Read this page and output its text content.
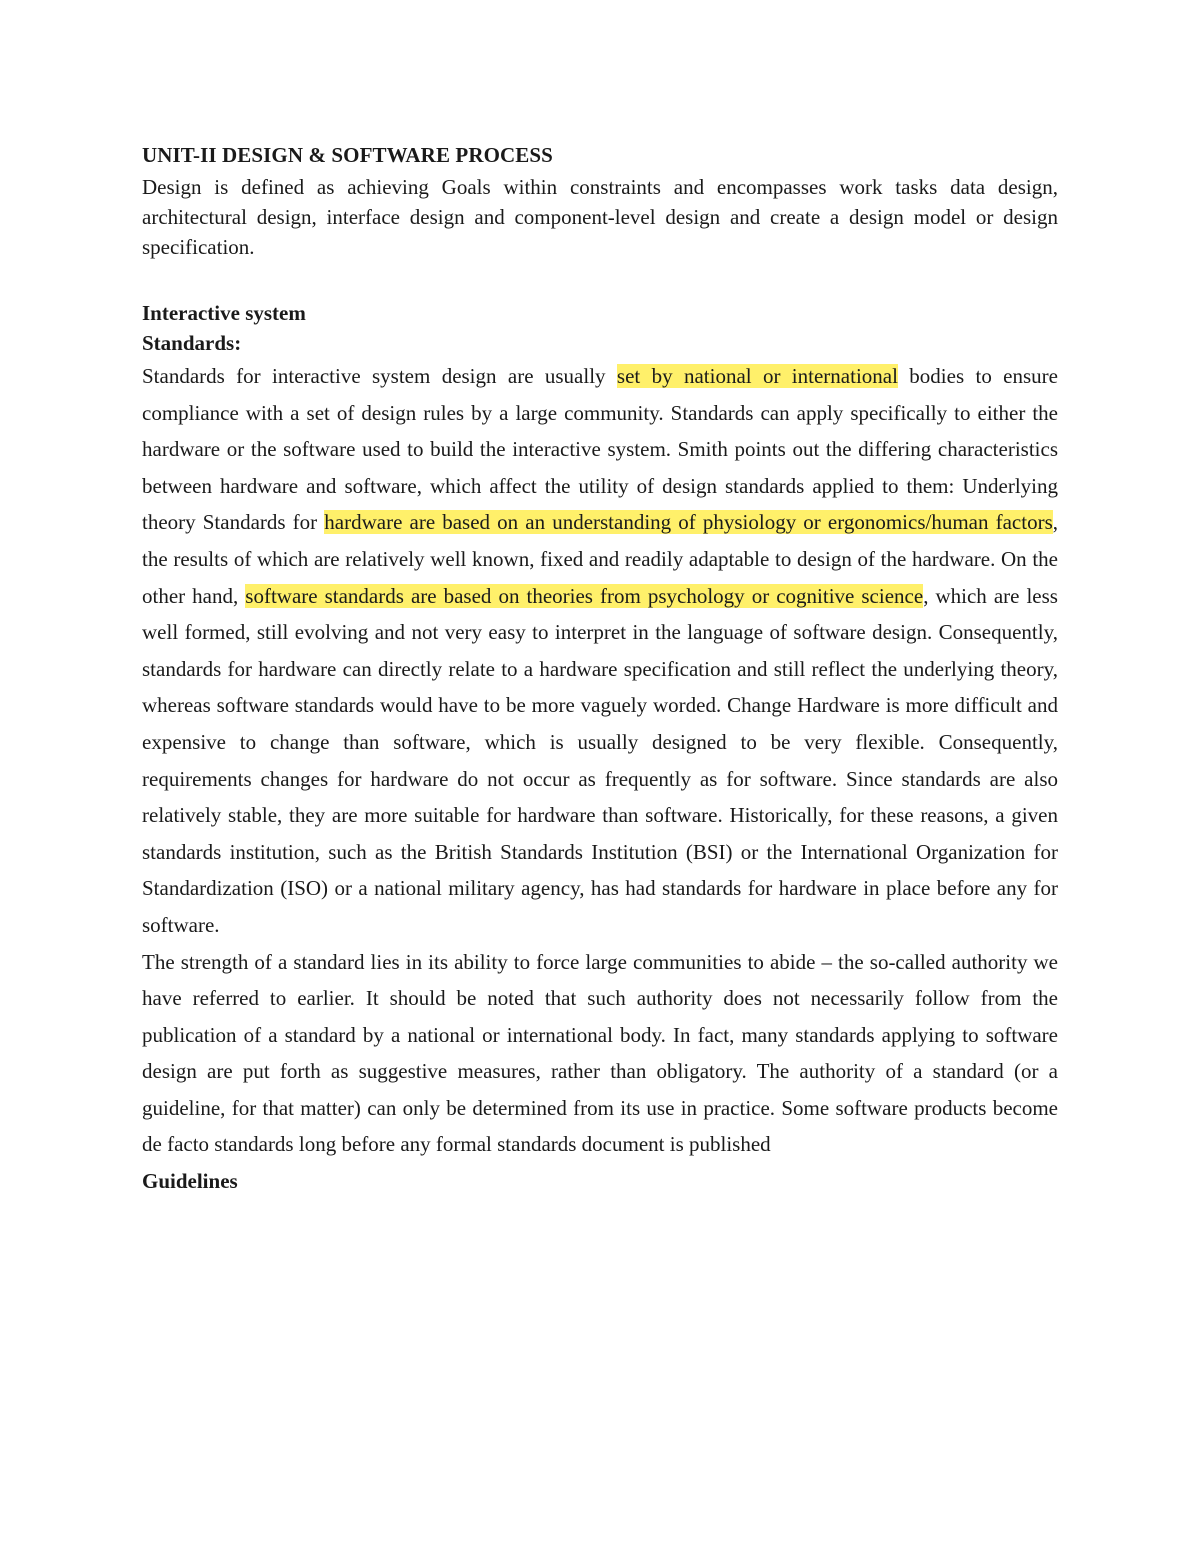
UNIT-II DESIGN & SOFTWARE PROCESS

Design is defined as achieving Goals within constraints and encompasses work tasks data design, architectural design, interface design and component-level design and create a design model or design specification.

Interactive system

Standards:

Standards for interactive system design are usually set by national or international bodies to ensure compliance with a set of design rules by a large community. Standards can apply specifically to either the hardware or the software used to build the interactive system. Smith points out the differing characteristics between hardware and software, which affect the utility of design standards applied to them: Underlying theory Standards for hardware are based on an understanding of physiology or ergonomics/human factors, the results of which are relatively well known, fixed and readily adaptable to design of the hardware. On the other hand, software standards are based on theories from psychology or cognitive science, which are less well formed, still evolving and not very easy to interpret in the language of software design. Consequently, standards for hardware can directly relate to a hardware specification and still reflect the underlying theory, whereas software standards would have to be more vaguely worded. Change Hardware is more difficult and expensive to change than software, which is usually designed to be very flexible. Consequently, requirements changes for hardware do not occur as frequently as for software. Since standards are also relatively stable, they are more suitable for hardware than software. Historically, for these reasons, a given standards institution, such as the British Standards Institution (BSI) or the International Organization for Standardization (ISO) or a national military agency, has had standards for hardware in place before any for software.

The strength of a standard lies in its ability to force large communities to abide – the so-called authority we have referred to earlier. It should be noted that such authority does not necessarily follow from the publication of a standard by a national or international body. In fact, many standards applying to software design are put forth as suggestive measures, rather than obligatory. The authority of a standard (or a guideline, for that matter) can only be determined from its use in practice. Some software products become de facto standards long before any formal standards document is published

Guidelines
